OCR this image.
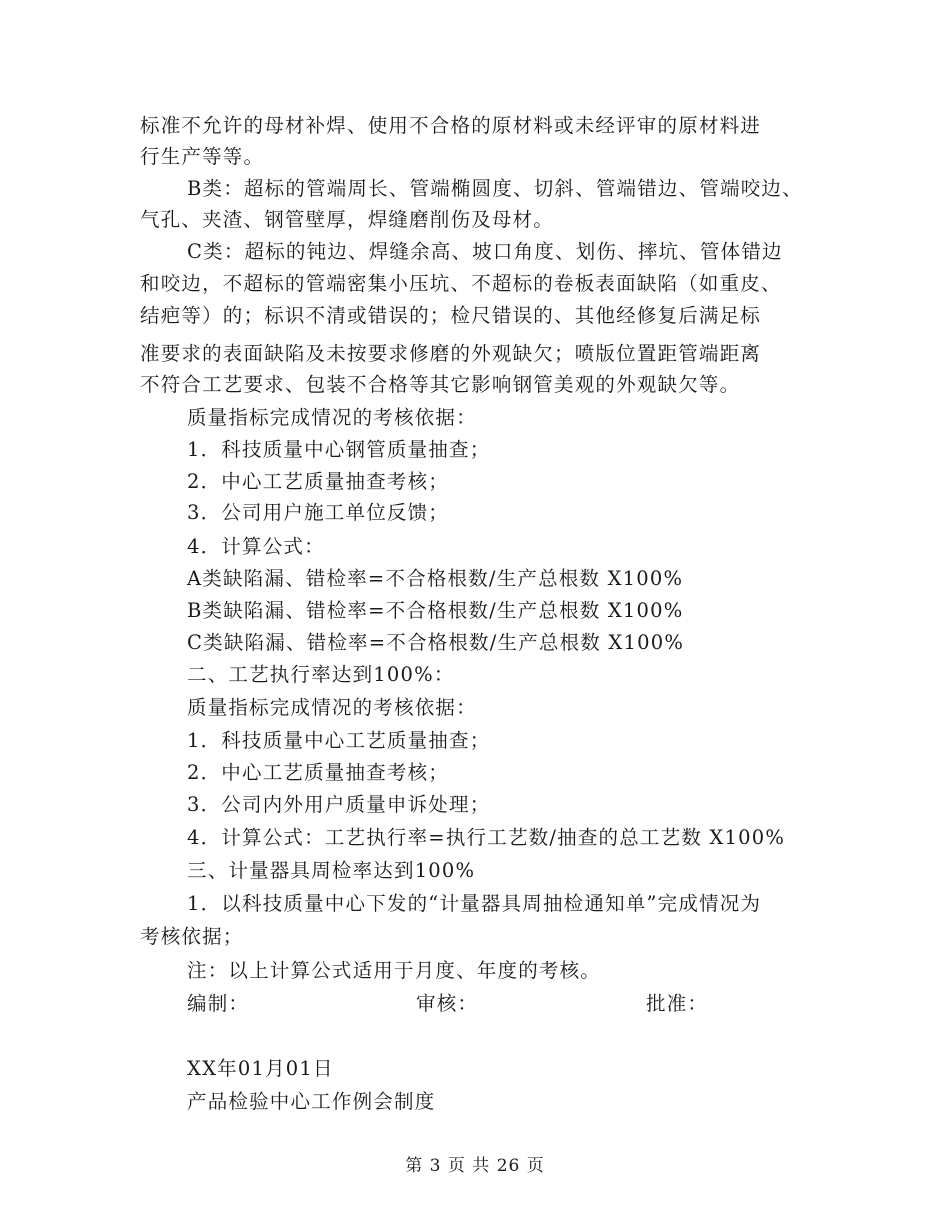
标准不允许的母材补焊、使用不合格的原材料或未经评审的原材料进
行生产等等。
B类：超标的管端周长、管端椭圆度、切斜、管端错边、管端咬边、
气孔、夹渣、钢管壁厚，焊缝磨削伤及母材。
C类：超标的钝边、焊缝余高、坡口角度、划伤、摔坑、管体错边
和咬边，不超标的管端密集小压坑、不超标的卷板表面缺陷（如重皮、
结疤等）的；标识不清或错误的；检尺错误的、其他经修复后满足标
准要求的表面缺陷及未按要求修磨的外观缺欠；喷版位置距管端距离
不符合工艺要求、包装不合格等其它影响钢管美观的外观缺欠等。
质量指标完成情况的考核依据：
1．科技质量中心钢管质量抽查；
2．中心工艺质量抽查考核；
3．公司用户施工单位反馈；
4．计算公式：
A类缺陷漏、错检率=不合格根数/生产总根数 X100%
B类缺陷漏、错检率=不合格根数/生产总根数 X100%
C类缺陷漏、错检率=不合格根数/生产总根数 X100%
二、工艺执行率达到100%：
质量指标完成情况的考核依据：
1．科技质量中心工艺质量抽查；
2．中心工艺质量抽查考核；
3．公司内外用户质量申诉处理；
4．计算公式：工艺执行率=执行工艺数/抽查的总工艺数 X100%
三、计量器具周检率达到100%
1．以科技质量中心下发的“计量器具周抽检通知单”完成情况为
考核依据；
注：以上计算公式适用于月度、年度的考核。
编制：	审核：	批准：
XX年01月01日
产品检验中心工作例会制度
第 3 页 共 26 页
